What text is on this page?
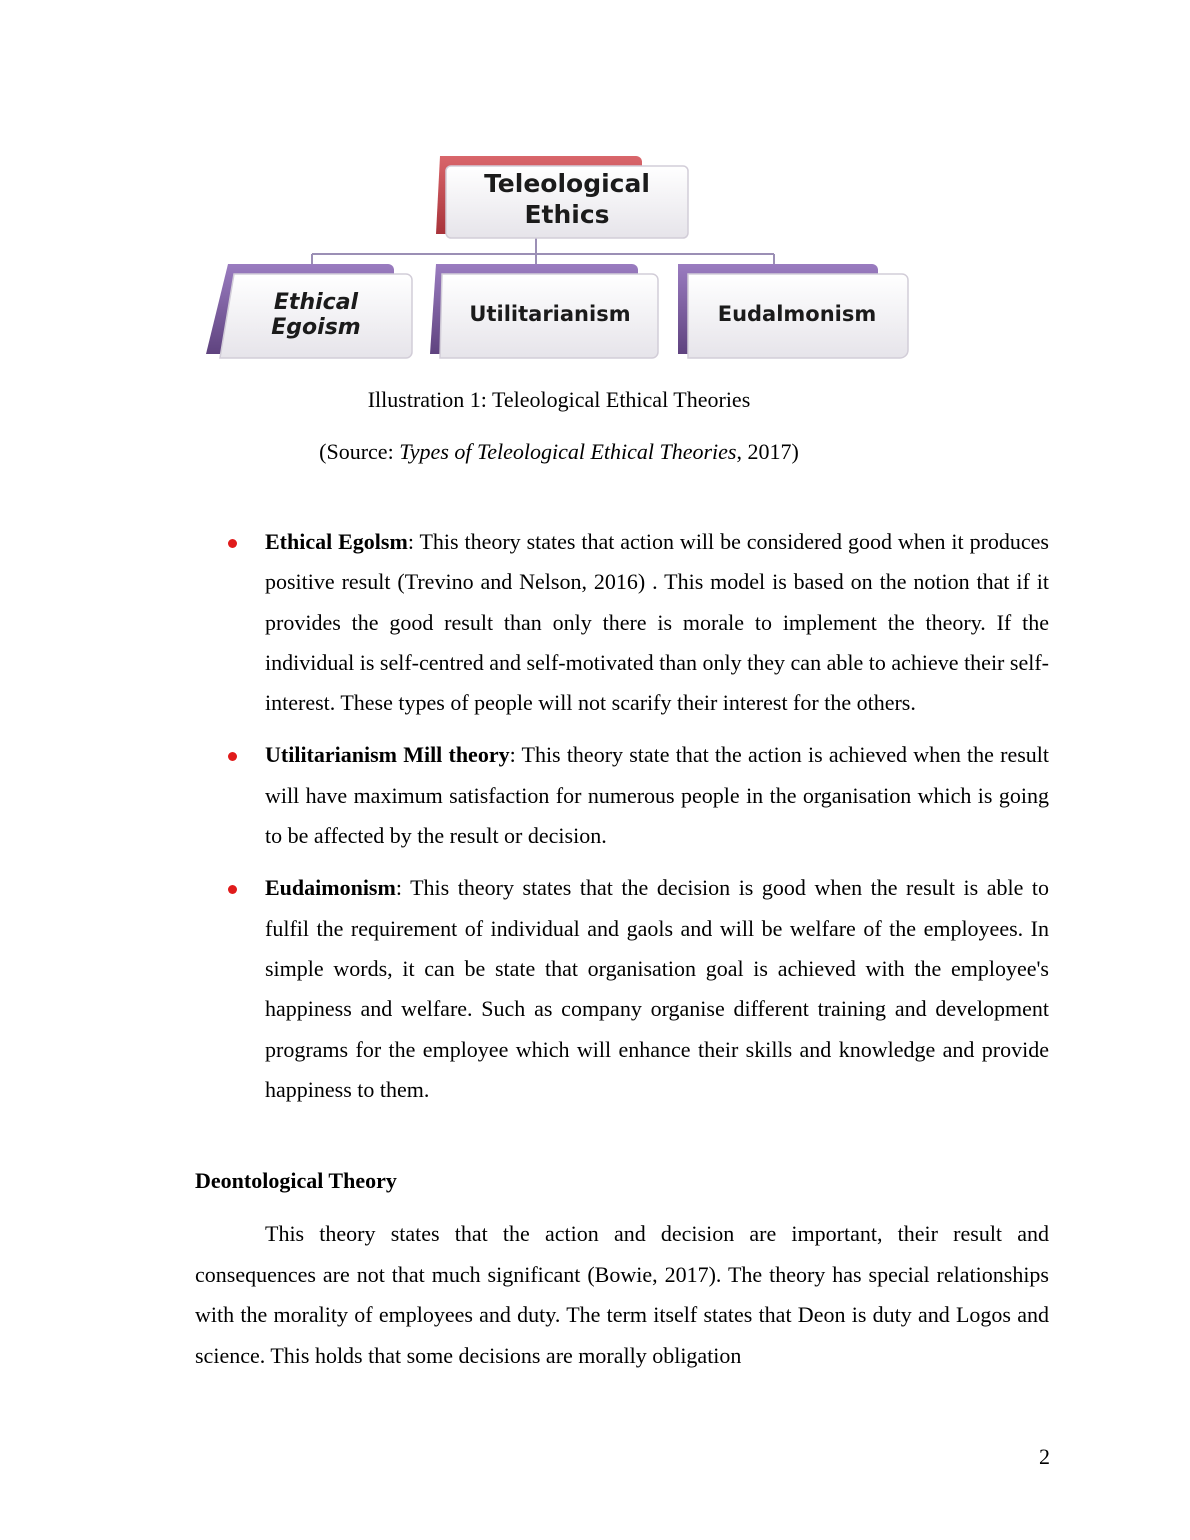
Teleological
Ethics
Ethical
Egoism
Utilitarianism	Eudalmonism
Illustration 1: Teleological Ethical Theories
(Source: Types of Teleological Ethical Theories, 2017)
Ethical Egolsm: This theory states that action will be considered good when it produces positive result (Trevino and Nelson, 2016) . This model is based on the notion that if it provides the good result than only there is morale to implement the theory. If the individual is self-centred and self-motivated than only they can able to achieve their self-interest. These types of people will not scarify their interest for the others.
Utilitarianism Mill theory: This theory state that the action is achieved when the result will have maximum satisfaction for numerous people in the organisation which is going to be affected by the result or decision.
Eudaimonism: This theory states that the decision is good when the result is able to fulfil the requirement of individual and gaols and will be welfare of the employees. In simple words, it can be state that organisation goal is achieved with the employee's happiness and welfare. Such as company organise different training and development programs for the employee which will enhance their skills and knowledge and provide happiness to them.
Deontological Theory

This theory states that the action and decision are important, their result and consequences are not that much significant (Bowie, 2017). The theory has special relationships with the morality of employees and duty. The term itself states that Deon is duty and Logos and science. This holds that some decisions are morally obligation

2
